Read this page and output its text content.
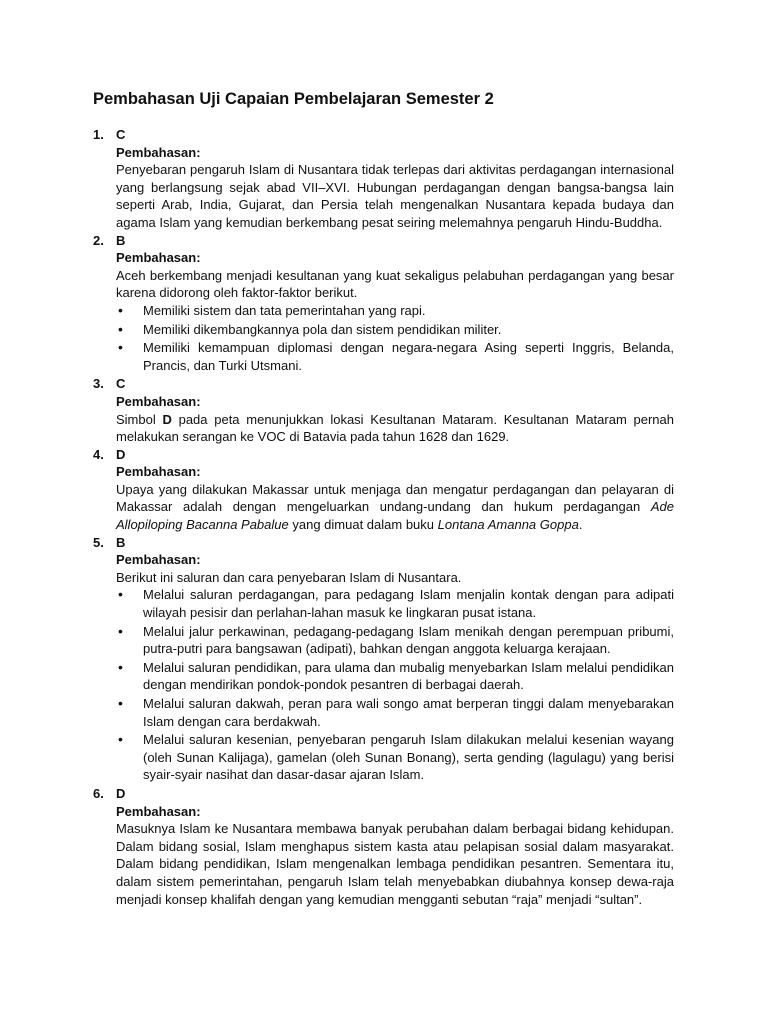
Pembahasan Uji Capaian Pembelajaran Semester 2
1. C
Pembahasan:
Penyebaran pengaruh Islam di Nusantara tidak terlepas dari aktivitas perdagangan internasional yang berlangsung sejak abad VII–XVI. Hubungan perdagangan dengan bangsa-bangsa lain seperti Arab, India, Gujarat, dan Persia telah mengenalkan Nusantara kepada budaya dan agama Islam yang kemudian berkembang pesat seiring melemahnya pengaruh Hindu-Buddha.
2. B
Pembahasan:
Aceh berkembang menjadi kesultanan yang kuat sekaligus pelabuhan perdagangan yang besar karena didorong oleh faktor-faktor berikut.
•
Memiliki sistem dan tata pemerintahan yang rapi.
•
Memiliki dikembangkannya pola dan sistem pendidikan militer.
•
Memiliki kemampuan diplomasi dengan negara-negara Asing seperti Inggris, Belanda, Prancis, dan Turki Utsmani.
3. C
Pembahasan:
Simbol D pada peta menunjukkan lokasi Kesultanan Mataram. Kesultanan Mataram pernah melakukan serangan ke VOC di Batavia pada tahun 1628 dan 1629.
4. D
Pembahasan:
Upaya yang dilakukan Makassar untuk menjaga dan mengatur perdagangan dan pelayaran di Makassar adalah dengan mengeluarkan undang-undang dan hukum perdagangan Ade Allopiloping Bacanna Pabalue yang dimuat dalam buku Lontana Amanna Goppa.
5. B
Pembahasan:
Berikut ini saluran dan cara penyebaran Islam di Nusantara.
•
Melalui saluran perdagangan, para pedagang Islam menjalin kontak dengan para adipati wilayah pesisir dan perlahan-lahan masuk ke lingkaran pusat istana.
•
Melalui jalur perkawinan, pedagang-pedagang Islam menikah dengan perempuan pribumi, putra-putri para bangsawan (adipati), bahkan dengan anggota keluarga kerajaan.
•
Melalui saluran pendidikan, para ulama dan mubalig menyebarkan Islam melalui pendidikan dengan mendirikan pondok-pondok pesantren di berbagai daerah.
•
Melalui saluran dakwah, peran para wali songo amat berperan tinggi dalam menyebarakan Islam dengan cara berdakwah.
•
Melalui saluran kesenian, penyebaran pengaruh Islam dilakukan melalui kesenian wayang (oleh Sunan Kalijaga), gamelan (oleh Sunan Bonang), serta gending (lagulagu) yang berisi syair-syair nasihat dan dasar-dasar ajaran Islam.
6. D
Pembahasan:
Masuknya Islam ke Nusantara membawa banyak perubahan dalam berbagai bidang kehidupan. Dalam bidang sosial, Islam menghapus sistem kasta atau pelapisan sosial dalam masyarakat. Dalam bidang pendidikan, Islam mengenalkan lembaga pendidikan pesantren. Sementara itu, dalam sistem pemerintahan, pengaruh Islam telah menyebabkan diubahnya konsep dewa-raja menjadi konsep khalifah dengan yang kemudian mengganti sebutan “raja” menjadi “sultan”.
